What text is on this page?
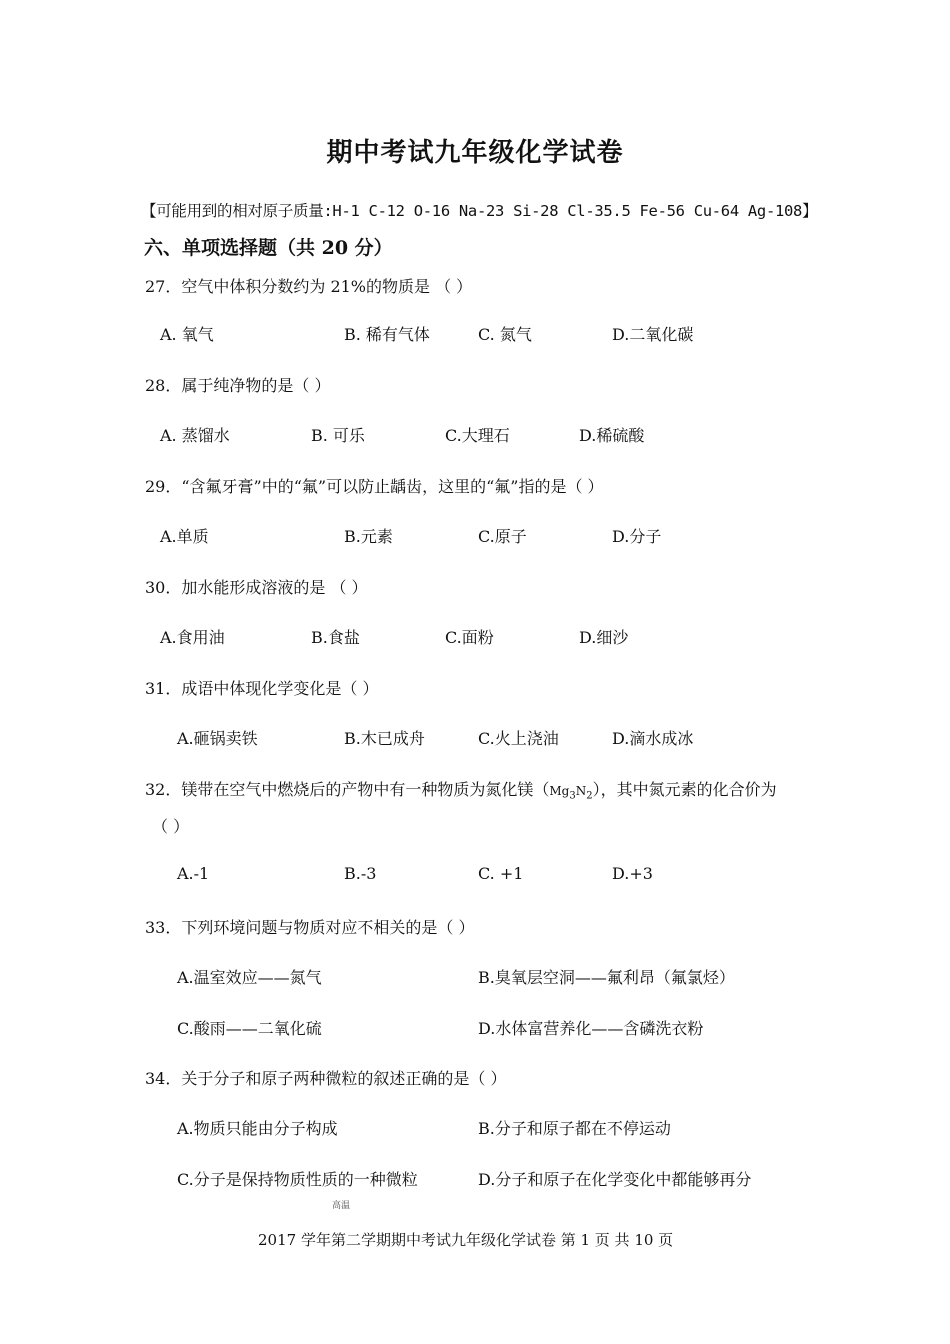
期中考试九年级化学试卷
【可能用到的相对原子质量:H-1 C-12 O-16 Na-23 Si-28 Cl-35.5 Fe-56 Cu-64 Ag-108】
六、单项选择题（共 20 分）
27．空气中体积分数约为 21%的物质是 （ ）
A. 氧气	B. 稀有气体	C. 氮气	D.二氧化碳
28．属于纯净物的是（ ）
A. 蒸馏水	B. 可乐	C.大理石	D.稀硫酸
29．“含氟牙膏”中的“氟”可以防止龋齿，这里的“氟”指的是（ ）
A.单质	B.元素	C.原子	D.分子
30．加水能形成溶液的是 （ ）
A.食用油	B.食盐	C.面粉	D.细沙
31．成语中体现化学变化是（ ）
A.砸锅卖铁	B.木已成舟	C.火上浇油	D.滴水成冰
32．镁带在空气中燃烧后的产物中有一种物质为氮化镁$(Mg_3N_2)$，其中氮元素的化合价为
（ ）
A.-1	B.-3	C. +1	D.+3
33．下列环境问题与物质对应不相关的是（ ）
A.温室效应——氮气	B.臭氧层空洞——氟利昂（氟氯烃）
C.酸雨——二氧化硫	D.水体富营养化——含磷洗衣粉
34．关于分子和原子两种微粒的叙述正确的是（ ）
A.物质只能由分子构成	B.分子和原子都在不停运动
C.分子是保持物质性质的一种微粒	D.分子和原子在化学变化中都能够再分
高温
2017 学年第二学期期中考试九年级化学试卷 第 1 页 共 10 页
